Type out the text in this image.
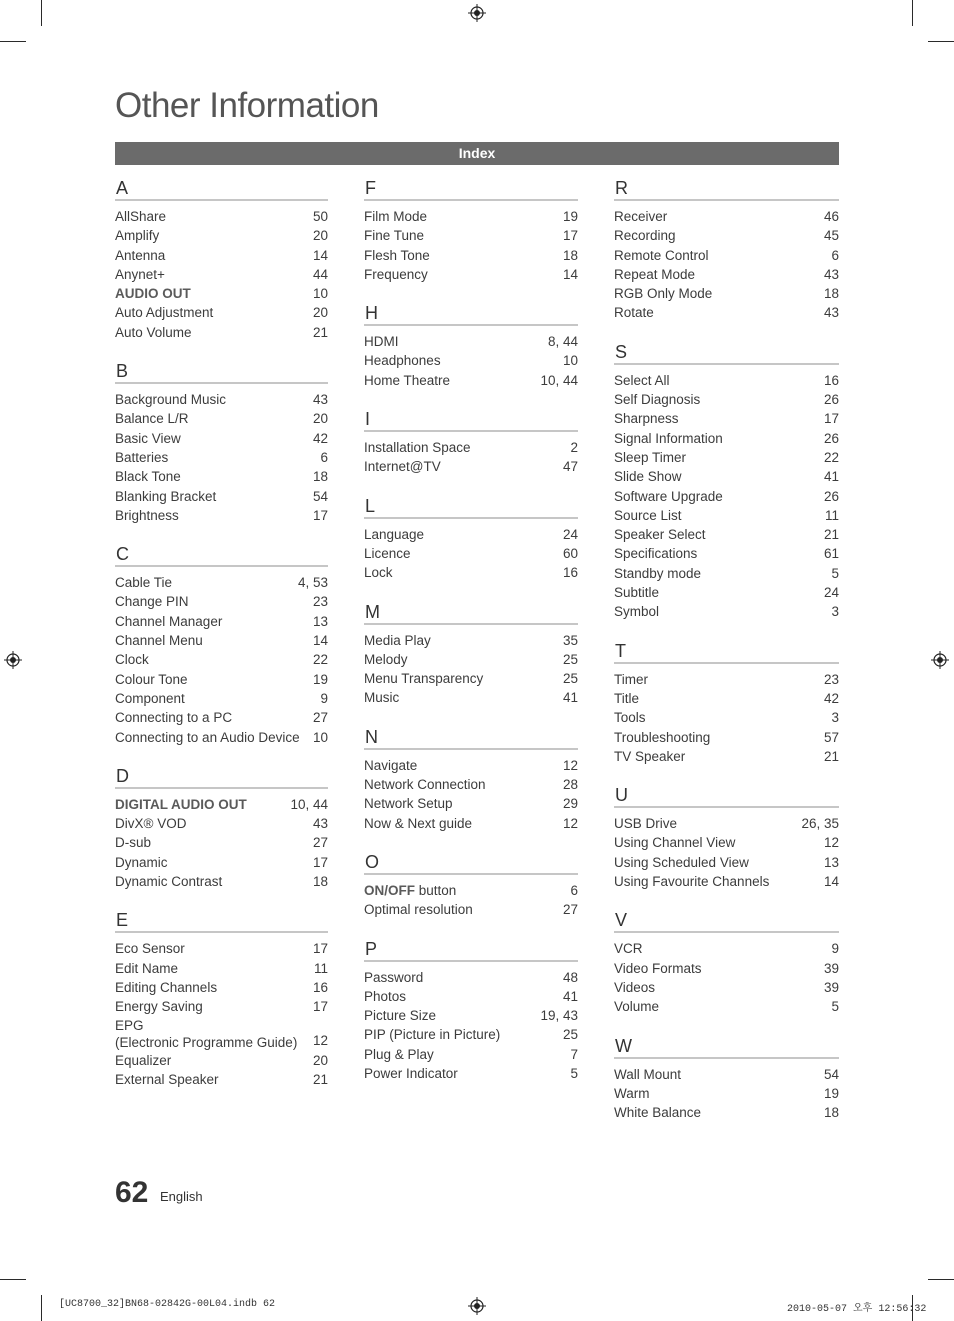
Other Information
Index
A
AllShare	50
Amplify	20
Antenna	14
Anynet+	44
AUDIO OUT	10
Auto Adjustment	20
Auto Volume	21
B
Background Music	43
Balance L/R	20
Basic View	42
Batteries	6
Black Tone	18
Blanking Bracket	54
Brightness	17
C
Cable Tie	4, 53
Change PIN	23
Channel Manager	13
Channel Menu	14
Clock	22
Colour Tone	19
Component	9
Connecting to a PC	27
Connecting to an Audio Device 10
D
DIGITAL AUDIO OUT	10, 44
DivX® VOD	43
D-sub	27
Dynamic	17
Dynamic Contrast	18
E
Eco Sensor	17
Edit Name	11
Editing Channels	16
Energy Saving	17
EPG
(Electronic Programme Guide)	12
Equalizer	20
External Speaker	21
F
Film Mode	19
Fine Tune	17
Flesh Tone	18
Frequency	14
H
HDMI	8, 44
Headphones	10
Home Theatre	10, 44
I
Installation Space	2
Internet@TV	47
L
Language	24
Licence	60
Lock	16
M
Media Play	35
Melody	25
Menu Transparency	25
Music	41
N
Navigate	12
Network Connection	28
Network Setup	29
Now & Next guide	12
O
ON/OFF button	6
Optimal resolution	27
P
Password	48
Photos	41
Picture Size	19, 43
PIP (Picture in Picture)	25
Plug & Play	7
Power Indicator	5
R
Receiver	46
Recording	45
Remote Control	6
Repeat Mode	43
RGB Only Mode	18
Rotate	43
S
Select All	16
Self Diagnosis	26
Sharpness	17
Signal Information	26
Sleep Timer	22
Slide Show	41
Software Upgrade	26
Source List	11
Speaker Select	21
Specifications	61
Standby mode	5
Subtitle	24
Symbol	3
T
Timer	23
Title	42
Tools	3
Troubleshooting	57
TV Speaker	21
U
USB Drive	26, 35
Using Channel View	12
Using Scheduled View	13
Using Favourite Channels	14
V
VCR	9
Video Formats	39
Videos	39
Volume	5
W
Wall Mount	54
Warm	19
White Balance	18
62 English
[UC8700_32]BN68-02842G-00L04.indb 62	2010-05-07 오후 12:56:32
